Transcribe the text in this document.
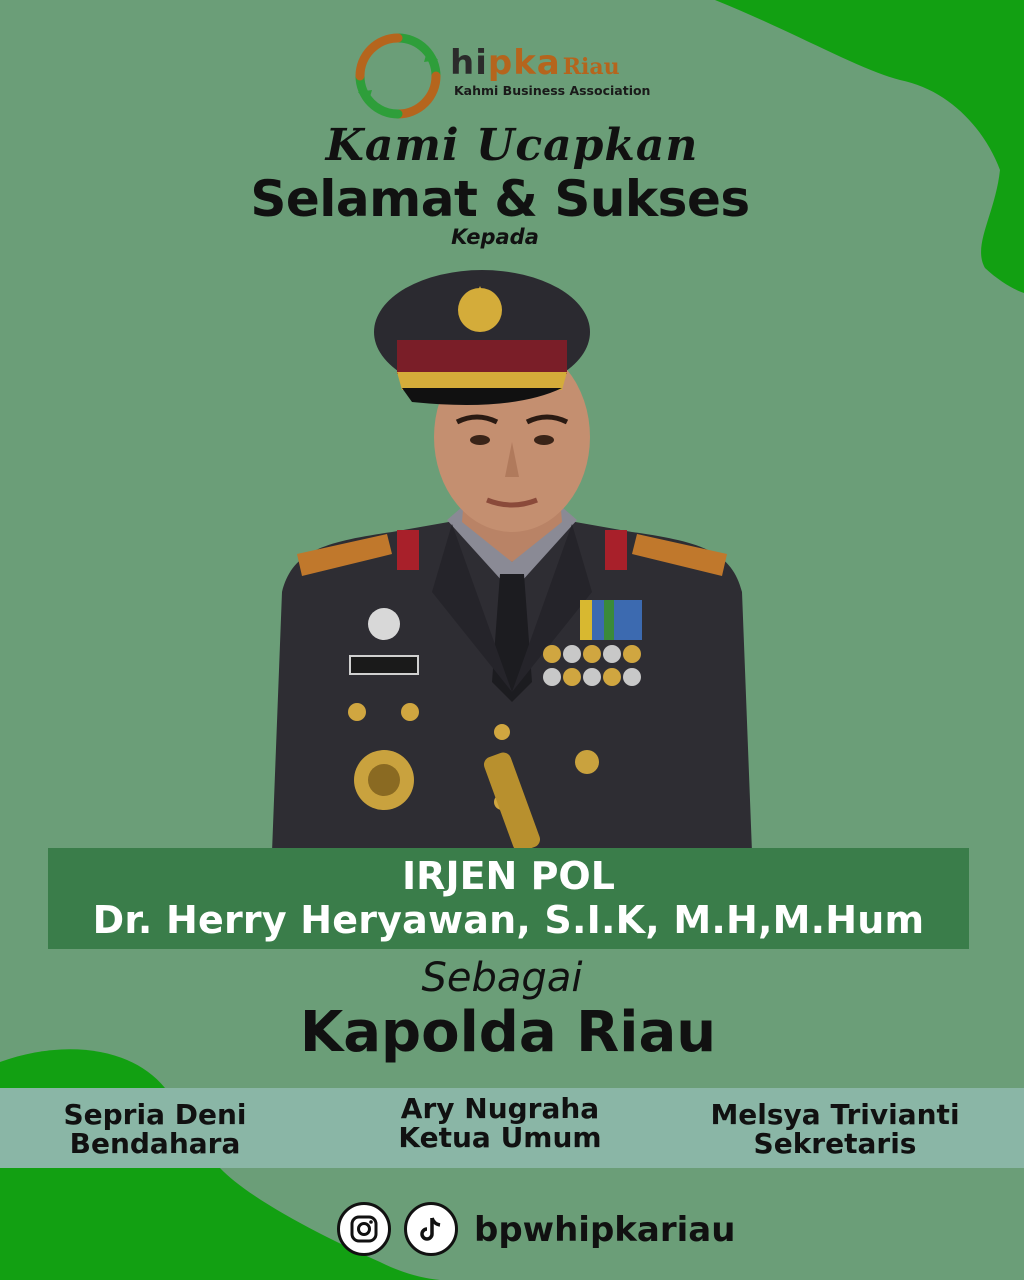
hipkaRiau
Kahmi Business Association
Kami Ucapkan
Selamat & Sukses
Kepada
IRJEN POL
Dr. Herry Heryawan, S.I.K, M.H,M.Hum
Sebagai
Kapolda Riau
Sepria Deni
Bendahara
Ary Nugraha
Ketua Umum
Melsya Trivianti
Sekretaris
bpwhipkariau
